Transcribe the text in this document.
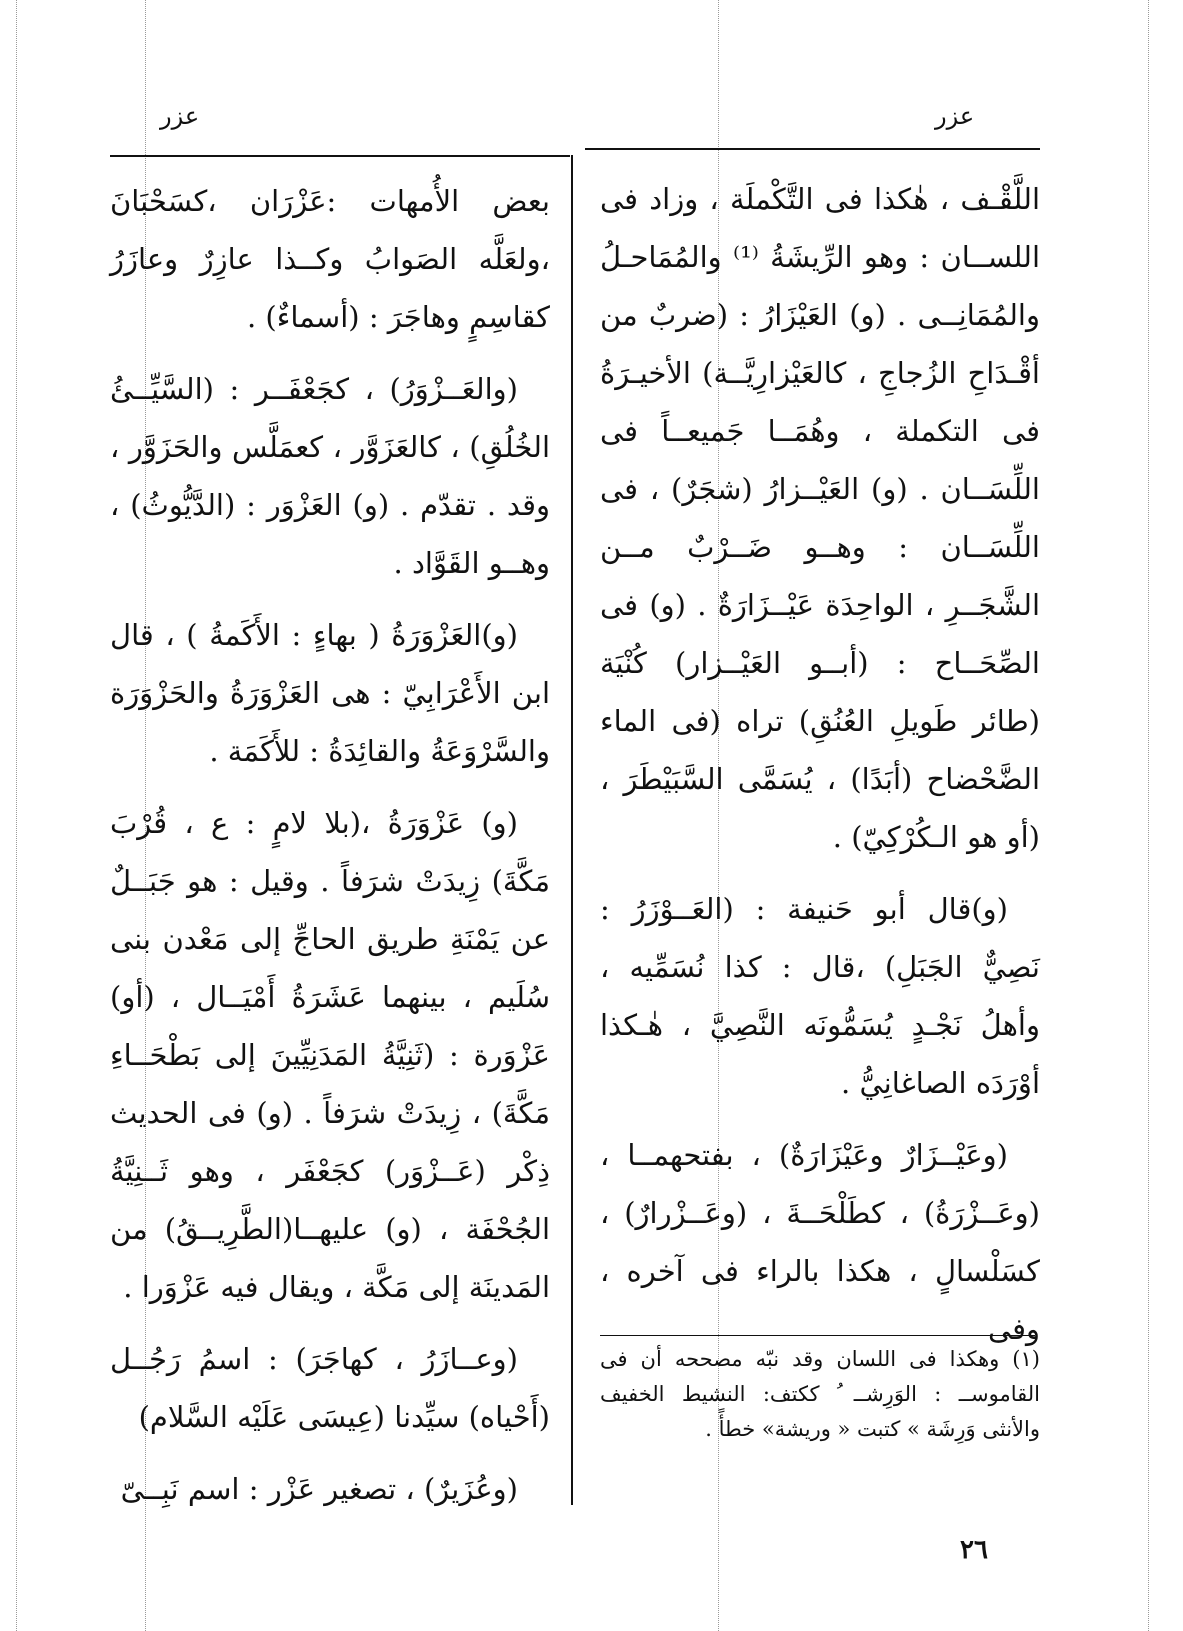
عزر	عزر

اللَّقْـف ، هٰكذا فى التَّكْملَة ، وزاد فى اللســان : وهو الرِّيشَةُ ⁽¹⁾ والمُمَاحـلُ والمُمَانِــى . (و) العَيْزَارُ : (ضربٌ من أقْـدَاحِ الزُجاجِ ، كالعَيْزارِيَّــة) الأخيـرَةُ فى التكملة ، وهُمَــا جَميعــاً فى اللِّسَــان . (و) العَيْــزارُ (شجَرٌ) ، فى اللِّسَــان : وهــو ضَــرْبٌ مــن الشَّجَــرِ ، الواحِدَة عَيْــزَارَةٌ . (و) فى الصِّحَــاح : (أبــو العَيْــزار) كُنْيَة (طائر طَويلِ العُنُقِ) تراه (فى الماء الضَّحْضاح (أبَدًا) ، يُسَمَّى السَّبَيْطَرَ ، (أو هو الـكُرْكِيّ) .

(و)قال أبو حَنيفة : (العَــوْزَرُ : نَصِيٌّ الجَبَلِ) ،قال : كذا نُسَمِّيه ، وأهلُ نَجْـدٍ يُسَمُّونَه النَّصِيَّ ، هٰـكذا أوْرَدَه الصاغانِيُّ .

(وعَيْــزَارٌ وعَيْزَارَةٌ) ، بفتحهمــا ، (وعَــزْرَةُ) ، كطَلْحَــةَ ، (وعَــزْرارٌ) ، كسَلْسالٍ ، هكذا بالراء فى آخره ، وفى

بعض الأُمهات :عَزْرَان ،كسَحْبَانَ ،ولعَلَّه الصَوابُ وكــذا عازِرٌ وعازَرُ كقاسِمٍ وهاجَرَ : (أسماءٌ) .

(والعَــزْوَرُ) ، كجَعْفَــر : (السَّيِّــئُ الخُلُقِ) ، كالعَزَوَّر ، كعمَلَّس والحَزَوَّر ، وقد . تقدّم . (و) العَزْوَر : (الدَّيُّوثُ) ، وهــو القَوَّاد .

(و)العَزْوَرَةُ ( بهاءٍ : الأَكَمةُ ) ، قال ابن الأَعْرَابِيّ : هى العَزْوَرَةُ والحَزْوَرَة والسَّرْوَعَةُ والقائِدَةُ : للأَكَمَة .

(و) عَزْوَرَةُ ،(بلا لامٍ : ع ، قُرْبَ مَكَّةَ) زِيدَتْ شرَفاً . وقيل : هو جَبَــلٌ عن يَمْنَةِ طريق الحاجِّ إلى مَعْدن بنى سُلَيم ، بينهما عَشَرَةُ أَمْيَــال ، (أو) عَزْوَرة : (ثَنِيَّةُ المَدَنِيِّينَ إلى بَطْحَــاءِ مَكَّةَ) ، زِيدَتْ شرَفاً . (و) فى الحديث ذِكْر (عَــزْوَر) كجَعْفَر ، وهو ثَــنِيَّةُ الجُحْفَة ، (و) عليهــا(الطَّرِيــقُ) من المَدينَة إلى مَكَّة ، ويقال فيه عَزْوَرا .

(وعــازَرُ ، كهاجَرَ) : اسمُ رَجُــل (أَحْياه) سيِّدنا (عِيسَى عَلَيْه السَّلام)

(وعُزَيرٌ) ، تصغير عَزْر : اسم نَبِــىّ

(١) وهكذا فى اللسان وقد نبّه مصححه أن فى القاموســ : الوَرِشــ ُ ككتف: النشيط الخفيف والأنثى وَرِشَة » كتبت « وريشة» خطأً .
٢٦
